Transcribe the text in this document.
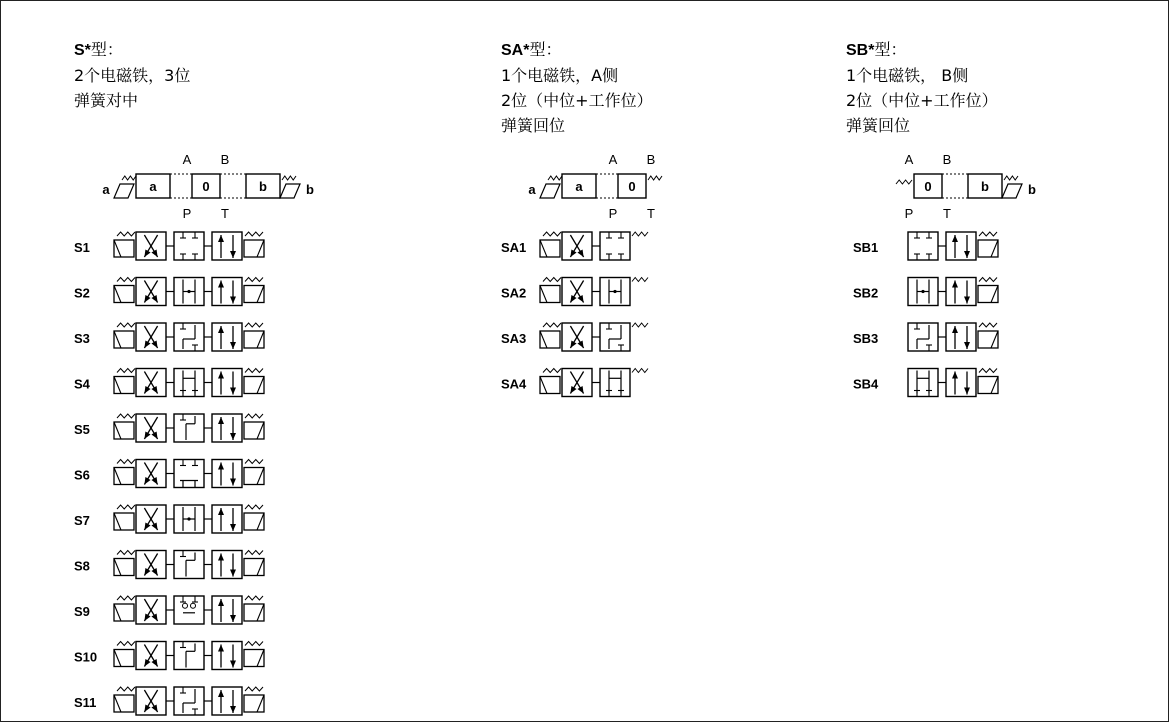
S*型：
2个电磁铁，3位
弹簧对中
SA*型：
1个电磁铁，A侧
2位（中位+工作位）
弹簧回位
SB*型：
1个电磁铁， B侧
2位（中位+工作位）
弹簧回位
a	a	0
A B
P T
b	b	a	a	0
A B
P T
0
A B
P T
b	b
S1
S2
S3
S4
S5
S6
S7
S8
S9
S10
S11
SA1
SA2
SA3
SA4
SB1
SB2
SB3
SB4
